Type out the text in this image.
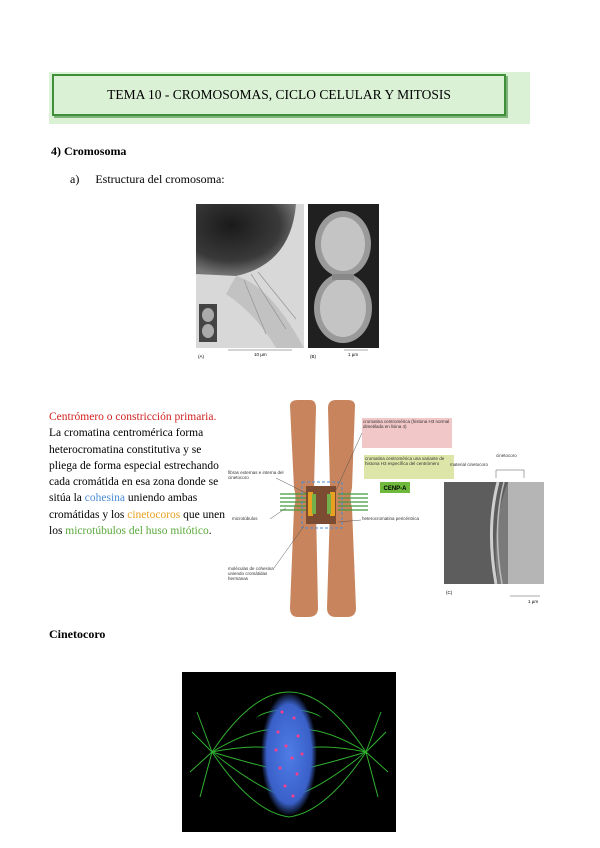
TEMA 10 - CROMOSOMAS, CICLO CELULAR Y MITOSIS
4) Cromosoma
a) Estructura del cromosoma:
(A)	10 µm	(B)	1 µm
Centrómero o constricción primaria. La cromatina centromérica forma heterocromatina constitutiva y se pliega de forma especial estrechando cada cromátida en esa zona donde se sitúa la cohesina uniendo ambas cromátidas y los cinetocoros que unen los microtúbulos del huso mitótico.
cromatina centromérica (histona H3 normal dimetilada en lisina 4)
cromatina centromérica una variante de histona H3 específica del centrómero
CENP-A
fibras externas e interna del cinetocoro
microtúbulos	heterocromatina pericéntrica
moléculas de cohesina uniendo cromátidas hermanas
cinetocoro
material cinetocoro
(C)
1 µm
Cinetocoro
